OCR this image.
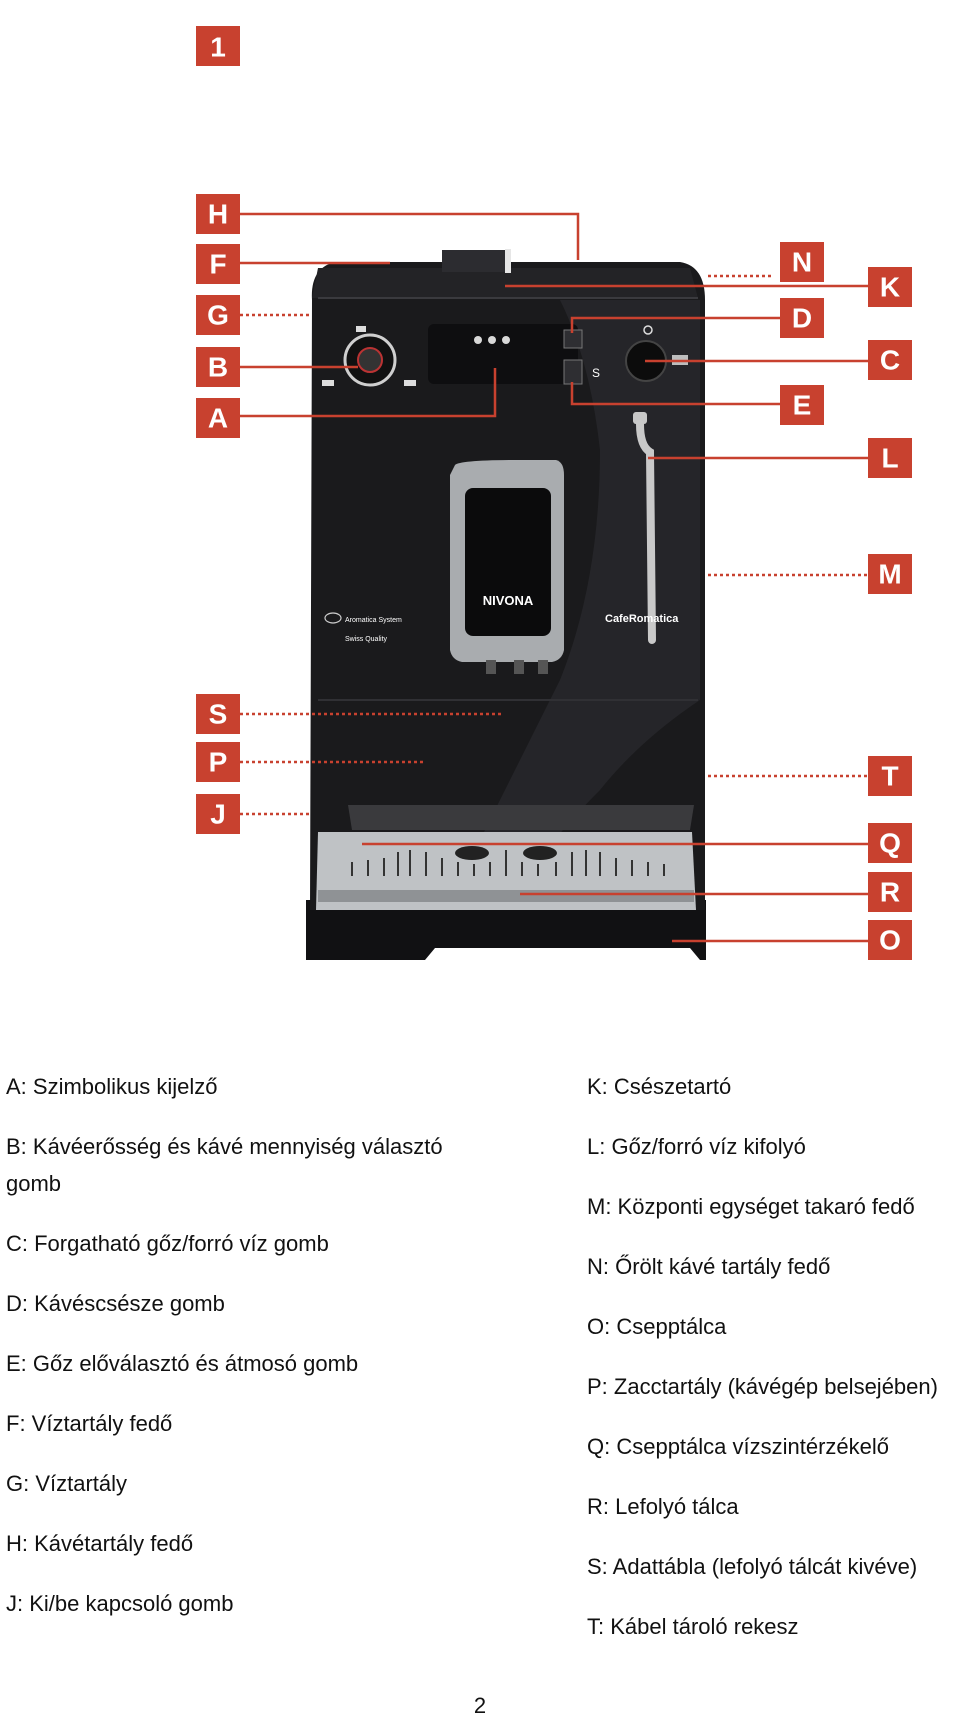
1
S
NIVONA
CafeRomatica
Aromatica System
Swiss Quality
H
F
G
B
A
S
P
J
N
K
D
C
E
L
M
T
Q
R
O

A: Szimbolikus kijelző

B: Kávéerősség és kávé mennyiség választó gomb

C: Forgatható gőz/forró víz gomb

D: Kávéscsésze gomb

E: Gőz előválasztó és átmosó gomb

F: Víztartály fedő

G: Víztartály

H: Kávétartály fedő

J: Ki/be kapcsoló gomb

K: Csészetartó

L: Gőz/forró víz kifolyó

M: Központi egységet takaró fedő

N: Őrölt kávé tartály fedő

O: Csepptálca

P: Zacctartály (kávégép belsejében)

Q: Csepptálca vízszintérzékelő

R: Lefolyó tálca

S: Adattábla (lefolyó tálcát kivéve)

T: Kábel tároló rekesz

2
